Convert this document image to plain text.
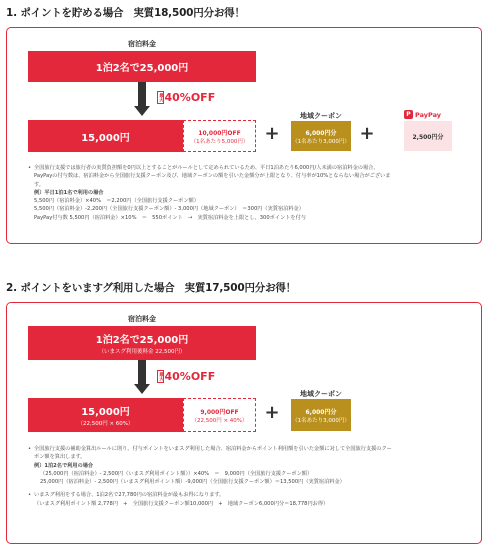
1. ポイントを貯める場合 実質18,500円分お得！
宿泊料金
1泊2名で25,000円
最大 40%OFF
15,000円	10,000円OFF
（1名あたり5,000円） +
地域クーポン
6,000円分
（1名あたり3,000円） +
P PayPay
2,500円分
• 全国旅行支援では旅行者の実質負担額を0円以上とすることがルールとして定められているため、平日1泊あたり6,000円/人未満の宿泊料金の場合、
PayPayの付与数は、宿泊料金から全国旅行支援クーポン及び、地域クーポンの額を引いた金額分が上限となり、付与率が10%とならない場合がございま
す。
例）平日1泊1名で利用の場合
5,500円（宿泊料金）×40%　＝2,200円（全国旅行支援クーポン額）
5,500円（宿泊料金）-2,200円（全国旅行支援クーポン額）- 3,000円（地域クーポン）　＝300円（実質宿泊料金）
PayPay付与数 5,500円（宿泊料金）×10%　＝　550ポイント　→　実質宿泊料金を上限とし、300ポイントを付与
2. ポイントをいますグ利用した場合 実質17,500円分お得！
宿泊料金
1泊2名で25,000円
（いまスグ利用後料金 22,500円）
最大 40%OFF
15,000円
（22,500円 × 60%）
9,000円OFF
（22,500円 × 40%） +
地域クーポン
6,000円分
（1名あたり3,000円）
• 全国旅行支援の補助金算出ルールに則り、付与ポイントをいまスグ利用した場合、宿泊料金からポイント利用額を引いた金額に対して全国旅行支援のクー
ポン額を算出します。
例）1泊2名で利用の場合
（25,000円（宿泊料金）- 2,500円（いまスグ利用ポイント額））×40%　＝　9,000円（全国旅行支援クーポン額）
25,000円（宿泊料金）- 2,500円（いまスグ利用ポイント額）-9,000円（全国旅行支援クーポン額）＝13,500円（実質宿泊料金）
• いまスグ利用をする場合、1泊2名で27,780円の宿泊料金が最もお得になります。
（いまスグ利用ポイント額 2,778円　+　全国旅行支援クーポン額10,000円　+　地域クーポン6,000円分＝18,778円お得）
